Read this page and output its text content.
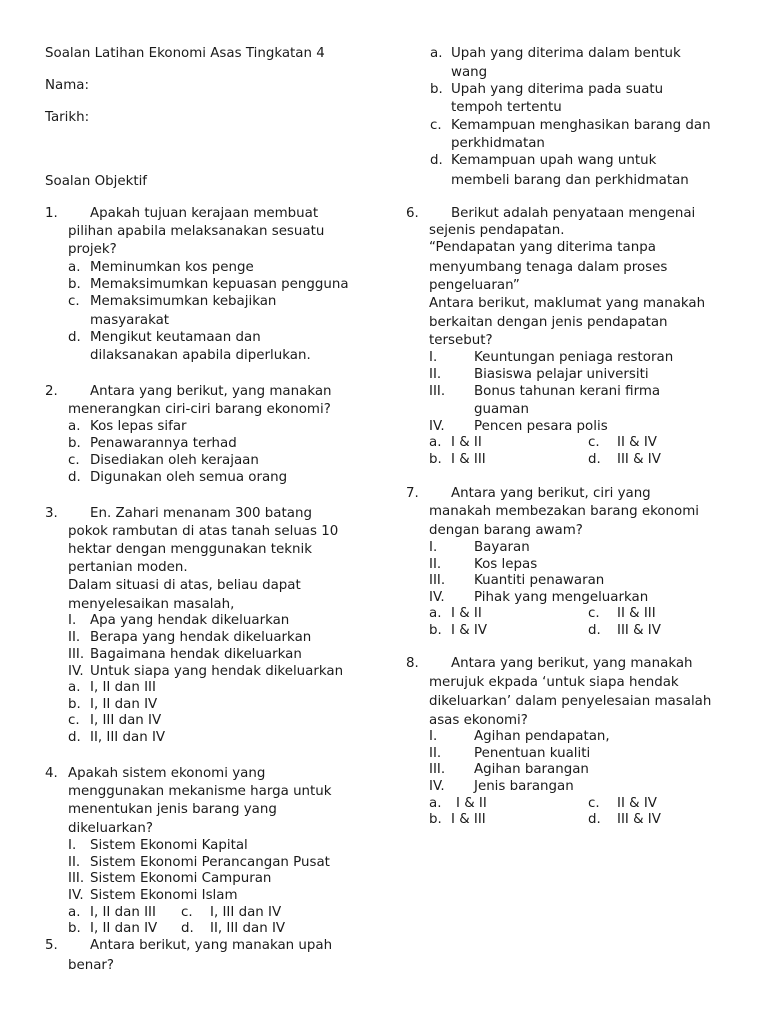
Soalan Latihan Ekonomi Asas Tingkatan 4
Nama:
Tarikh:
Soalan Objektif
1. Apakah tujuan kerajaan membuat
pilihan apabila melaksanakan sesuatu
projek?
a. Meminumkan kos penge
b. Memaksimumkan kepuasan pengguna
c. Memaksimumkan kebajikan
masyarakat
d. Mengikut keutamaan dan
dilaksanakan apabila diperlukan.
2. Antara yang berikut, yang manakan
menerangkan ciri-ciri barang ekonomi?
a. Kos lepas sifar
b. Penawarannya terhad
c. Disediakan oleh kerajaan
d. Digunakan oleh semua orang
3. En. Zahari menanam 300 batang
pokok rambutan di atas tanah seluas 10
hektar dengan menggunakan teknik
pertanian moden.
Dalam situasi di atas, beliau dapat
menyelesaikan masalah,
I. Apa yang hendak dikeluarkan
II. Berapa yang hendak dikeluarkan
III. Bagaimana hendak dikeluarkan
IV. Untuk siapa yang hendak dikeluarkan
a. I, II dan III
b. I, II dan IV
c. I, III dan IV
d. II, III dan IV
4. Apakah sistem ekonomi yang
menggunakan mekanisme harga untuk
menentukan jenis barang yang
dikeluarkan?
I. Sistem Ekonomi Kapital
II. Sistem Ekonomi Perancangan Pusat
III. Sistem Ekonomi Campuran
IV. Sistem Ekonomi Islam
a. I, II dan III c. I, III dan IV
b. I, II dan IV d. II, III dan IV
5. Antara berikut, yang manakan upah
benar?
a. Upah yang diterima dalam bentuk
wang
b. Upah yang diterima pada suatu
tempoh tertentu
c. Kemampuan menghasikan barang dan
perkhidmatan
d. Kemampuan upah wang untuk
membeli barang dan perkhidmatan
6. Berikut adalah penyataan mengenai
sejenis pendapatan.
“Pendapatan yang diterima tanpa
menyumbang tenaga dalam proses
pengeluaran”
Antara berikut, maklumat yang manakah
berkaitan dengan jenis pendapatan
tersebut?
I.	Keuntungan peniaga restoran
II. Biasiswa pelajar universiti
III. Bonus tahunan kerani firma
guaman
IV. Pencen pesara polis
a. I & II	c. II & IV
b. I & III	d. III & IV
7. Antara yang berikut, ciri yang
manakah membezakan barang ekonomi
dengan barang awam?
I.	Bayaran
II. Kos lepas
III. Kuantiti penawaran
IV. Pihak yang mengeluarkan
a. I & II	c. II & III
b. I & IV	d. III & IV
8. Antara yang berikut, yang manakah
merujuk ekpada ‘untuk siapa hendak
dikeluarkan’ dalam penyelesaian masalah
asas ekonomi?
I.	Agihan pendapatan,
II. Penentuan kualiti
III. Agihan barangan
IV. Jenis barangan
a. I & II	c. II & IV
b. I & III	d. III & IV
